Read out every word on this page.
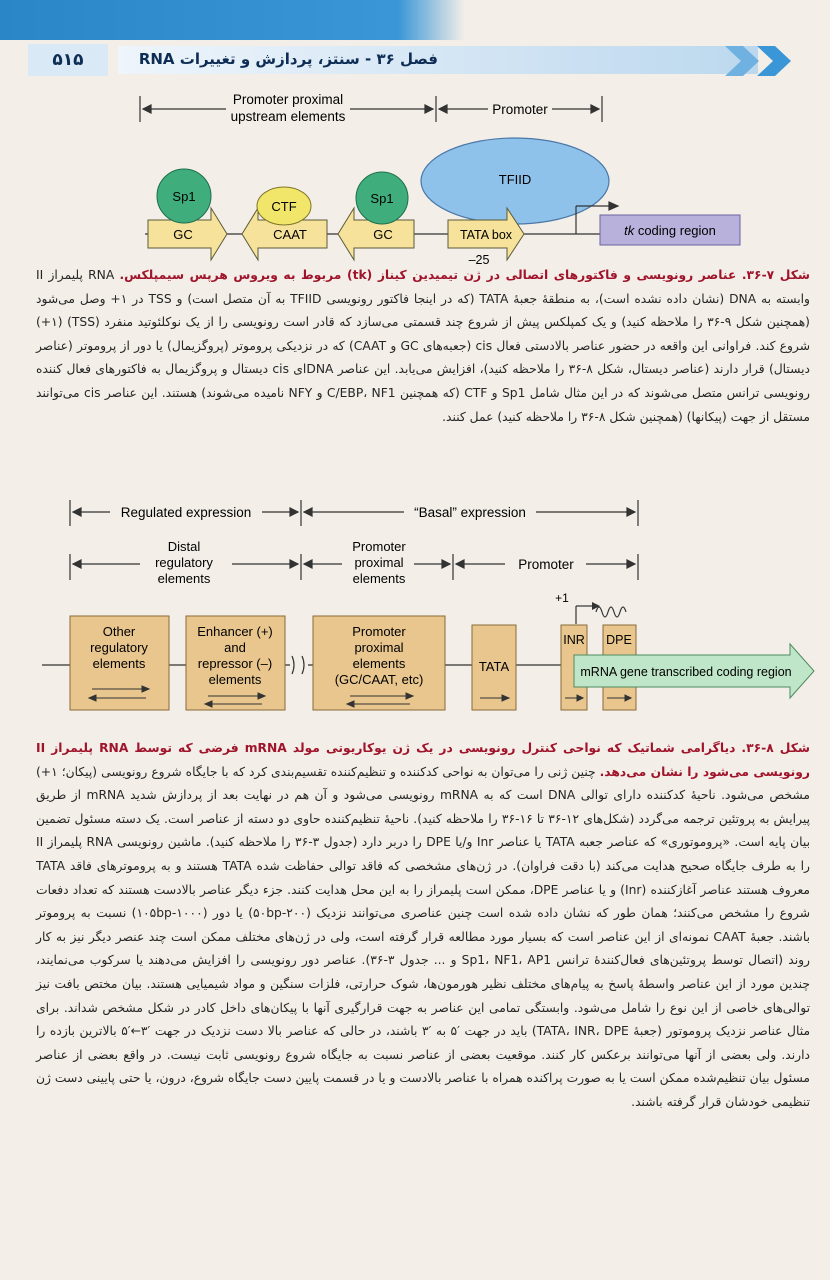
۵۱۵	فصل ۳۶ - سنتز، پردازش و تغییرات RNA
Promoter proximal
upstream elements	Promoter
TFIID
GC	CAAT	GC	TATA box
–25
tk coding region
Sp1
CTF
Sp1
شکل ۷-۳۶. عناصر رونویسی و فاکتورهای اتصالی در ژن تیمیدین کیناز (tk) مربوط به ویروس هرپس سیمپلکس. RNA پلیمراز II وابسته به DNA (نشان داده نشده است)، به منطقهٔ جعبهٔ TATA (که در اینجا فاکتور رونویسی TFIID به آن متصل است) و TSS در ۱+ وصل می‌شود (همچنین شکل ۹-۳۶ را ملاحظه کنید) و یک کمپلکس پیش از شروع چند قسمتی می‌سازد که قادر است رونویسی را از یک نوکلئوتید منفرد (TSS) (۱+) شروع کند. فراوانی این واقعه در حضور عناصر بالادستی فعال cis (جعبه‌های GC و CAAT) که در نزدیکی پروموتر (پروگزیمال) یا دور از پروموتر (عناصر دیستال) قرار دارند (عناصر دیستال، شکل ۸-۳۶ را ملاحظه کنید)، افزایش می‌یابد. این عناصر DNAای cis دیستال و پروگزیمال به فاکتورهای فعال کننده رونویسی ترانس متصل می‌شوند که در این مثال شامل Sp1 و CTF (که همچنین C/EBP، NF1 و NFY نامیده می‌شوند) هستند. این عناصر cis می‌توانند مستقل از جهت (پیکانها) (همچنین شکل ۸-۳۶ را ملاحظه کنید) عمل کنند.
Regulated expression	“Basal” expression
Distal
regulatory
elements
Promoter
proximal
elements
Promoter
+1
Other
regulatory
elements
Enhancer (+)
and
repressor (–)
elements
Promoter
proximal
elements
(GC/CAAT, etc)
TATA
INR DPE
mRNA gene transcribed coding region
شکل ۸-۳۶. دیاگرامی شماتیک که نواحی کنترل رونویسی در یک ژن یوکاریوتی مولد mRNA فرضی که توسط RNA پلیمراز II رونویسی می‌شود را نشان می‌دهد. چنین ژنی را می‌توان به نواحی کدکننده و تنظیم‌کننده تقسیم‌بندی کرد که با جایگاه شروع رونویسی (پیکان؛ ۱+) مشخص می‌شود. ناحیهٔ کدکننده دارای توالی DNA است که به mRNA رونویسی می‌شود و آن هم در نهایت بعد از پردازش شدید mRNA از طریق پیرایش به پروتئین ترجمه می‌گردد (شکل‌های ۱۲-۳۶ تا ۱۶-۳۶ را ملاحظه کنید). ناحیهٔ تنظیم‌کننده حاوی دو دسته از عناصر است. یک دسته مسئول تضمین بیان پایه است. «پروموتوری» که عناصر جعبه TATA یا عناصر Inr و/یا DPE را دربر دارد (جدول ۳-۳۶ را ملاحظه کنید). ماشین رونویسی RNA پلیمراز II را به طرف جایگاه صحیح هدایت می‌کند (با دقت فراوان). در ژن‌های مشخصی که فاقد توالی حفاظت شده TATA هستند و به پروموترهای فاقد TATA معروف هستند عناصر آغازکننده (Inr) و یا عناصر DPE، ممکن است پلیمراز را به این محل هدایت کنند. جزء دیگر عناصر بالادست هستند که تعداد دفعات شروع را مشخص می‌کنند؛ همان طور که نشان داده شده است چنین عناصری می‌توانند نزدیک (۲۰۰-۵۰bp) یا دور (۱۰۵bp-۱۰۰۰) نسبت به پروموتر باشند. جعبهٔ CAAT نمونه‌ای از این عناصر است که بسیار مورد مطالعه قرار گرفته است، ولی در ژن‌های مختلف ممکن است چند عنصر دیگر نیز به کار روند (اتصال توسط پروتئین‌های فعال‌کنندهٔ ترانس Sp1، NF1، AP1 و ... جدول ۳-۳۶). عناصر دور رونویسی را افزایش می‌دهند یا سرکوب می‌نمایند، چندین مورد از این عناصر واسطهٔ پاسخ به پیام‌های مختلف نظیر هورمون‌ها، شوک حرارتی، فلزات سنگین و مواد شیمیایی هستند. بیان مختص بافت نیز توالی‌های خاصی از این نوع را شامل می‌شود. وابستگی تمامی این عناصر به جهت قرارگیری آنها با پیکان‌های داخل کادر در شکل مشخص شداند. برای مثال عناصر نزدیک پروموتور (جعبهٔ TATA، INR، DPE) باید در جهت ′۵ به ′۳ باشند، در حالی که عناصر بالا دست نزدیک در جهت ′۳←′۵ بالاترین بازده را دارند. ولی بعضی از آنها می‌توانند برعکس کار کنند. موقعیت بعضی از عناصر نسبت به جایگاه شروع رونویسی ثابت نیست. در واقع بعضی از عناصر مسئول بیان تنظیم‌شده ممکن است یا به صورت پراکنده همراه با عناصر بالادست و یا در قسمت پایین دست جایگاه شروع، درون، یا حتی پایینی دست ژن تنظیمی خودشان قرار گرفته باشند.
